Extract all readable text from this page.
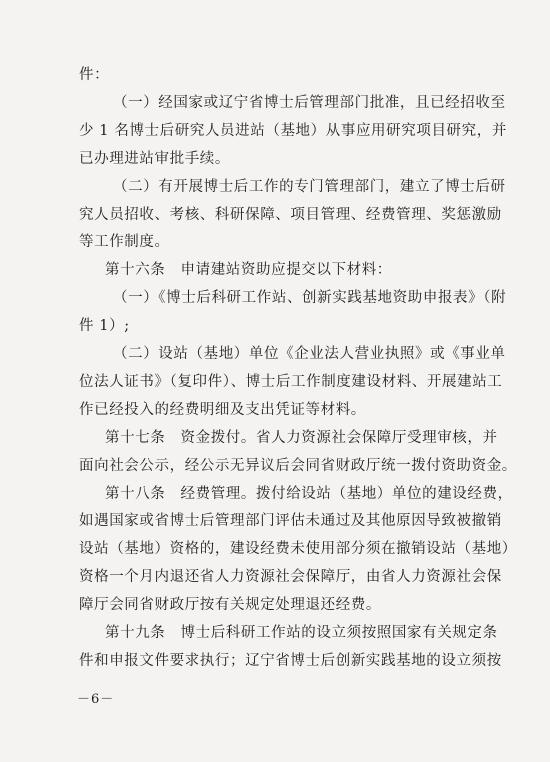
件：
（一）经国家或辽宁省博士后管理部门批准，且已经招收至
少 1 名博士后研究人员进站（基地）从事应用研究项目研究，并
已办理进站审批手续。
（二）有开展博士后工作的专门管理部门，建立了博士后研
究人员招收、考核、科研保障、项目管理、经费管理、奖惩激励
等工作制度。
第十六条　申请建站资助应提交以下材料：
（一）《博士后科研工作站、创新实践基地资助申报表》（附
件 1）;
（二）设站（基地）单位《企业法人营业执照》或《事业单
位法人证书》（复印件）、博士后工作制度建设材料、开展建站工
作已经投入的经费明细及支出凭证等材料。
第十七条　资金拨付。省人力资源社会保障厅受理审核，并
面向社会公示，经公示无异议后会同省财政厅统一拨付资助资金。
第十八条　经费管理。拨付给设站（基地）单位的建设经费，
如遇国家或省博士后管理部门评估未通过及其他原因导致被撤销
设站（基地）资格的，建设经费未使用部分须在撤销设站（基地）
资格一个月内退还省人力资源社会保障厅，由省人力资源社会保
障厅会同省财政厅按有关规定处理退还经费。
第十九条　博士后科研工作站的设立须按照国家有关规定条
件和申报文件要求执行；辽宁省博士后创新实践基地的设立须按
－6－
